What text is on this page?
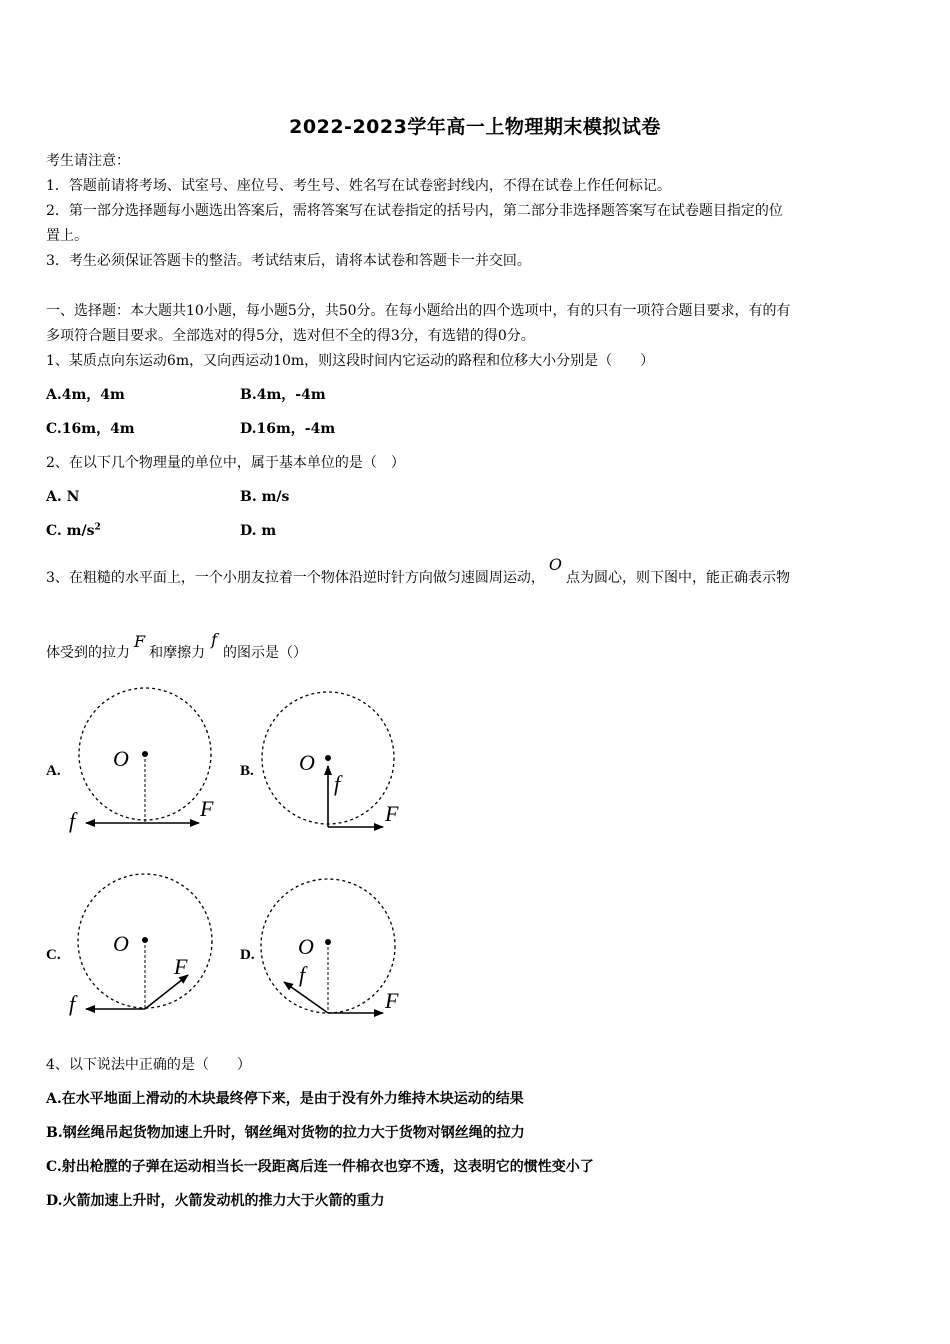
2022-2023学年高一上物理期末模拟试卷
考生请注意：
1．答题前请将考场、试室号、座位号、考生号、姓名写在试卷密封线内，不得在试卷上作任何标记。
2．第一部分选择题每小题选出答案后，需将答案写在试卷指定的括号内，第二部分非选择题答案写在试卷题目指定的位
置上。
3．考生必须保证答题卡的整洁。考试结束后，请将本试卷和答题卡一并交回。
一、选择题：本大题共10小题，每小题5分，共50分。在每小题给出的四个选项中，有的只有一项符合题目要求，有的有
多项符合题目要求。全部选对的得5分，选对但不全的得3分，有选错的得0分。
1、某质点向东运动6m，又向西运动10m，则这段时间内它运动的路程和位移大小分别是（　　）
A.4m，4m	B.4m，-4m
C.16m，4m	D.16m，-4m
2、在以下几个物理量的单位中，属于基本单位的是（　）
A. N	B. m/s
C. $m/s^2$	D. m
3、在粗糙的水平面上，一个小朋友拉着一个物体沿逆时针方向做匀速圆周运动，O点为圆心，则下图中，能正确表示物
体受到的拉力F和摩擦力f的图示是（）
A. O
F
f
B. O
f
F
C. O
F
f
D. O
f
F
4、以下说法中正确的是（　　）
A.在水平地面上滑动的木块最终停下来，是由于没有外力维持木块运动的结果
B.钢丝绳吊起货物加速上升时，钢丝绳对货物的拉力大于货物对钢丝绳的拉力
C.射出枪膛的子弹在运动相当长一段距离后连一件棉衣也穿不透，这表明它的惯性变小了
D.火箭加速上升时，火箭发动机的推力大于火箭的重力
